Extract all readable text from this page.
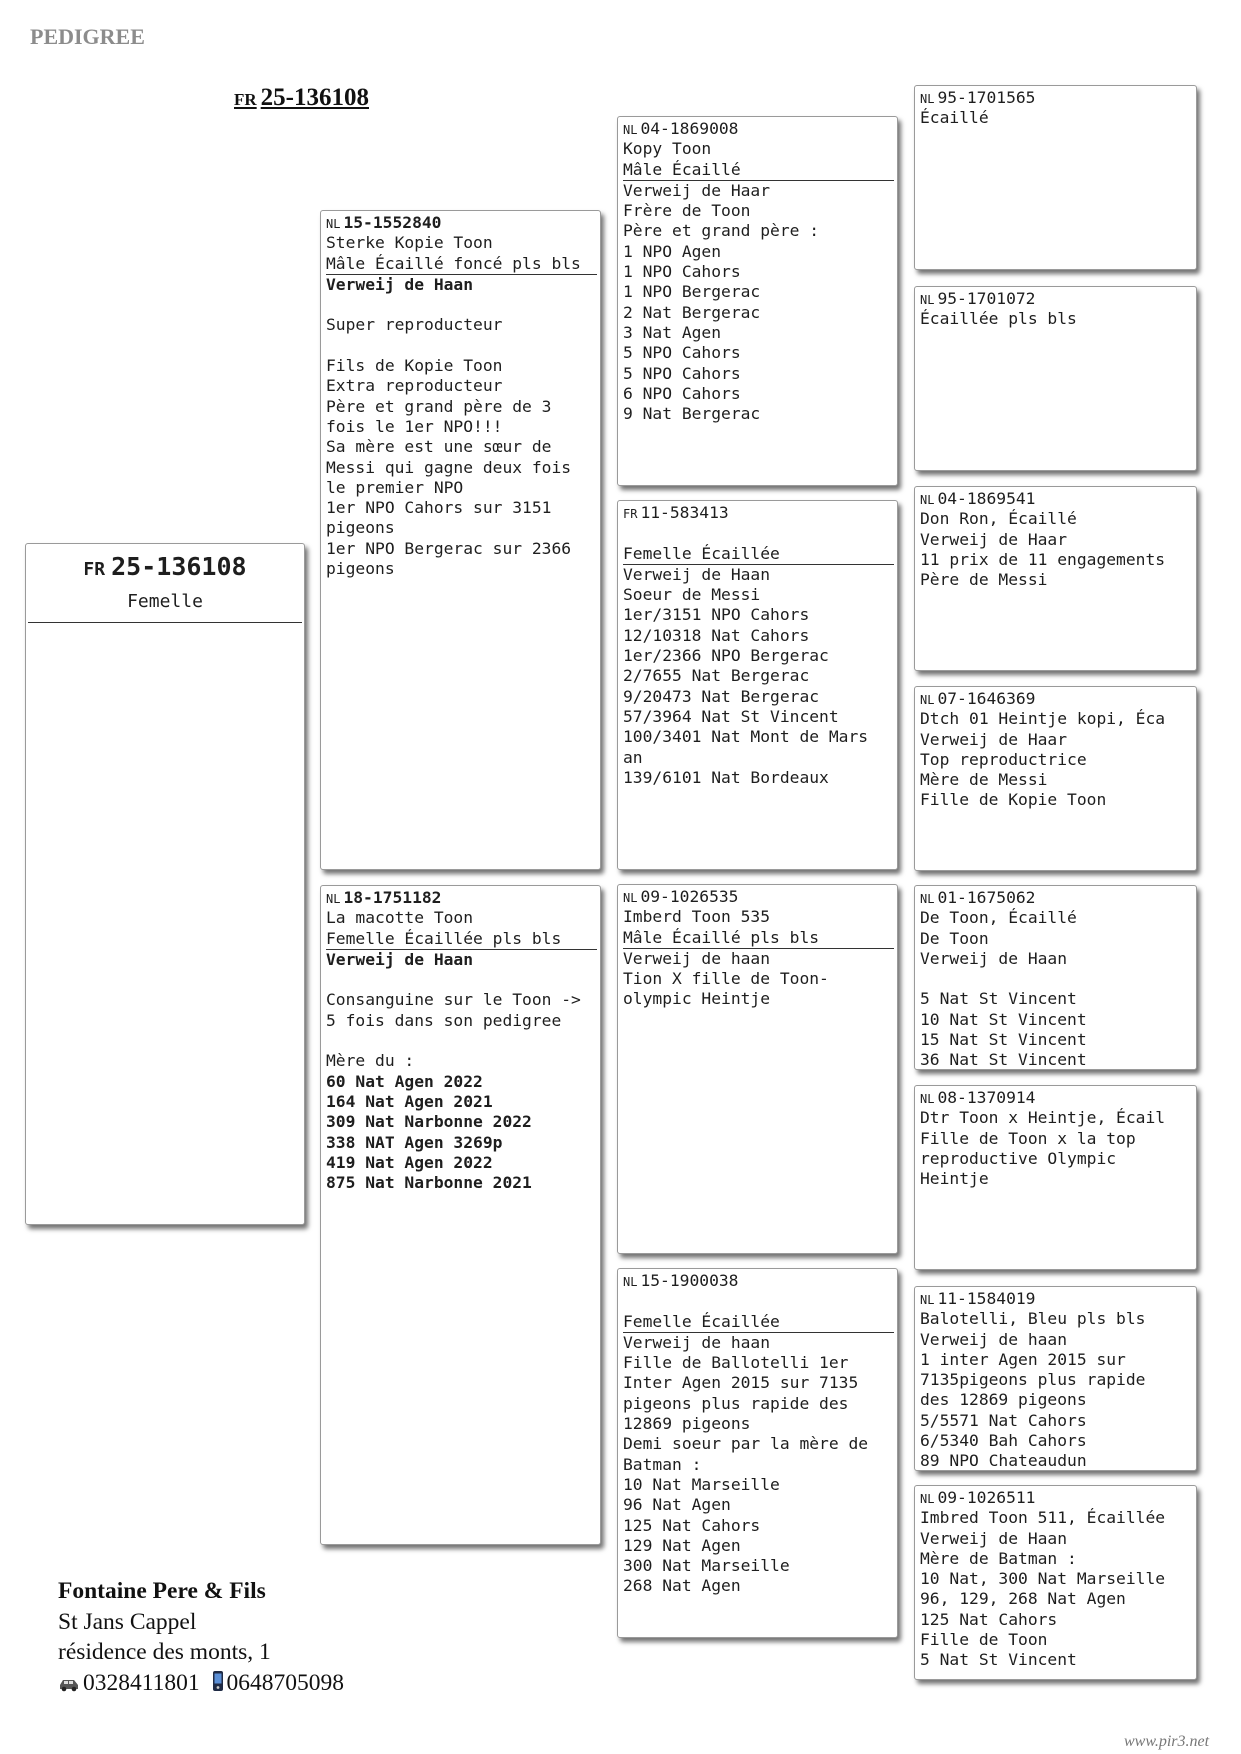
PEDIGREE
FR 25-136108
FR 25-136108
Femelle
NL 15-1552840
Sterke Kopie Toon
Mâle Écaillé foncé pls bls
Verweij de Haan
Super reproducteur
Fils de Kopie Toon
Extra reproducteur
Père et grand père de 3
fois le 1er NPO!!!
Sa mère est une sœur de
Messi qui gagne deux fois
le premier NPO
1er NPO Cahors sur 3151
pigeons
1er NPO Bergerac sur 2366
pigeons
NL 18-1751182
La macotte Toon
Femelle Écaillée pls bls
Verweij de Haan
Consanguine sur le Toon ->
5 fois dans son pedigree
Mère du :
60 Nat Agen 2022
164 Nat Agen 2021
309 Nat Narbonne 2022
338 NAT Agen 3269p
419 Nat Agen 2022
875 Nat Narbonne 2021
NL 04-1869008
Kopy Toon
Mâle Écaillé
Verweij de Haar
Frère de Toon
Père et grand père :
1 NPO Agen
1 NPO Cahors
1 NPO Bergerac
2 Nat Bergerac
3 Nat Agen
5 NPO Cahors
5 NPO Cahors
6 NPO Cahors
9 Nat Bergerac
FR 11-583413
Femelle Écaillée
Verweij de Haan
Soeur de Messi
1er/3151 NPO Cahors
12/10318 Nat Cahors
1er/2366 NPO Bergerac
2/7655 Nat Bergerac
9/20473 Nat Bergerac
57/3964 Nat St Vincent
100/3401 Nat Mont de Mars
an
139/6101 Nat Bordeaux
NL 09-1026535
Imberd Toon 535
Mâle Écaillé pls bls
Verweij de haan
Tion X fille de Toon-
olympic Heintje
NL 15-1900038
Femelle Écaillée
Verweij de haan
Fille de Ballotelli 1er
Inter Agen 2015 sur 7135
pigeons plus rapide des
12869 pigeons
Demi soeur par la mère de
Batman :
10 Nat Marseille
96 Nat Agen
125 Nat Cahors
129 Nat Agen
300 Nat Marseille
268 Nat Agen
NL 95-1701565
Écaillé
NL 95-1701072
Écaillée pls bls
NL 04-1869541
Don Ron, Écaillé
Verweij de Haar
11 prix de 11 engagements
Père de Messi
NL 07-1646369
Dtch 01 Heintje kopi, Éca
Verweij de Haar
Top reproductrice
Mère de Messi
Fille de Kopie Toon
NL 01-1675062
De Toon, Écaillé
De Toon
Verweij de Haan
5 Nat St Vincent
10 Nat St Vincent
15 Nat St Vincent
36 Nat St Vincent
NL 08-1370914
Dtr Toon x Heintje, Écail
Fille de Toon x la top
reproductive Olympic
Heintje
NL 11-1584019
Balotelli, Bleu pls bls
Verweij de haan
1 inter Agen 2015 sur
7135pigeons plus rapide
des 12869 pigeons
5/5571 Nat Cahors
6/5340 Bah Cahors
89 NPO Chateaudun
NL 09-1026511
Imbred Toon 511, Écaillée
Verweij de Haan
Mère de Batman :
10 Nat, 300 Nat Marseille
96, 129, 268 Nat Agen
125 Nat Cahors
Fille de Toon
5 Nat St Vincent
Fontaine Pere & Fils
St Jans Cappel
résidence des monts, 1
0328411801 0648705098
www.pir3.net
